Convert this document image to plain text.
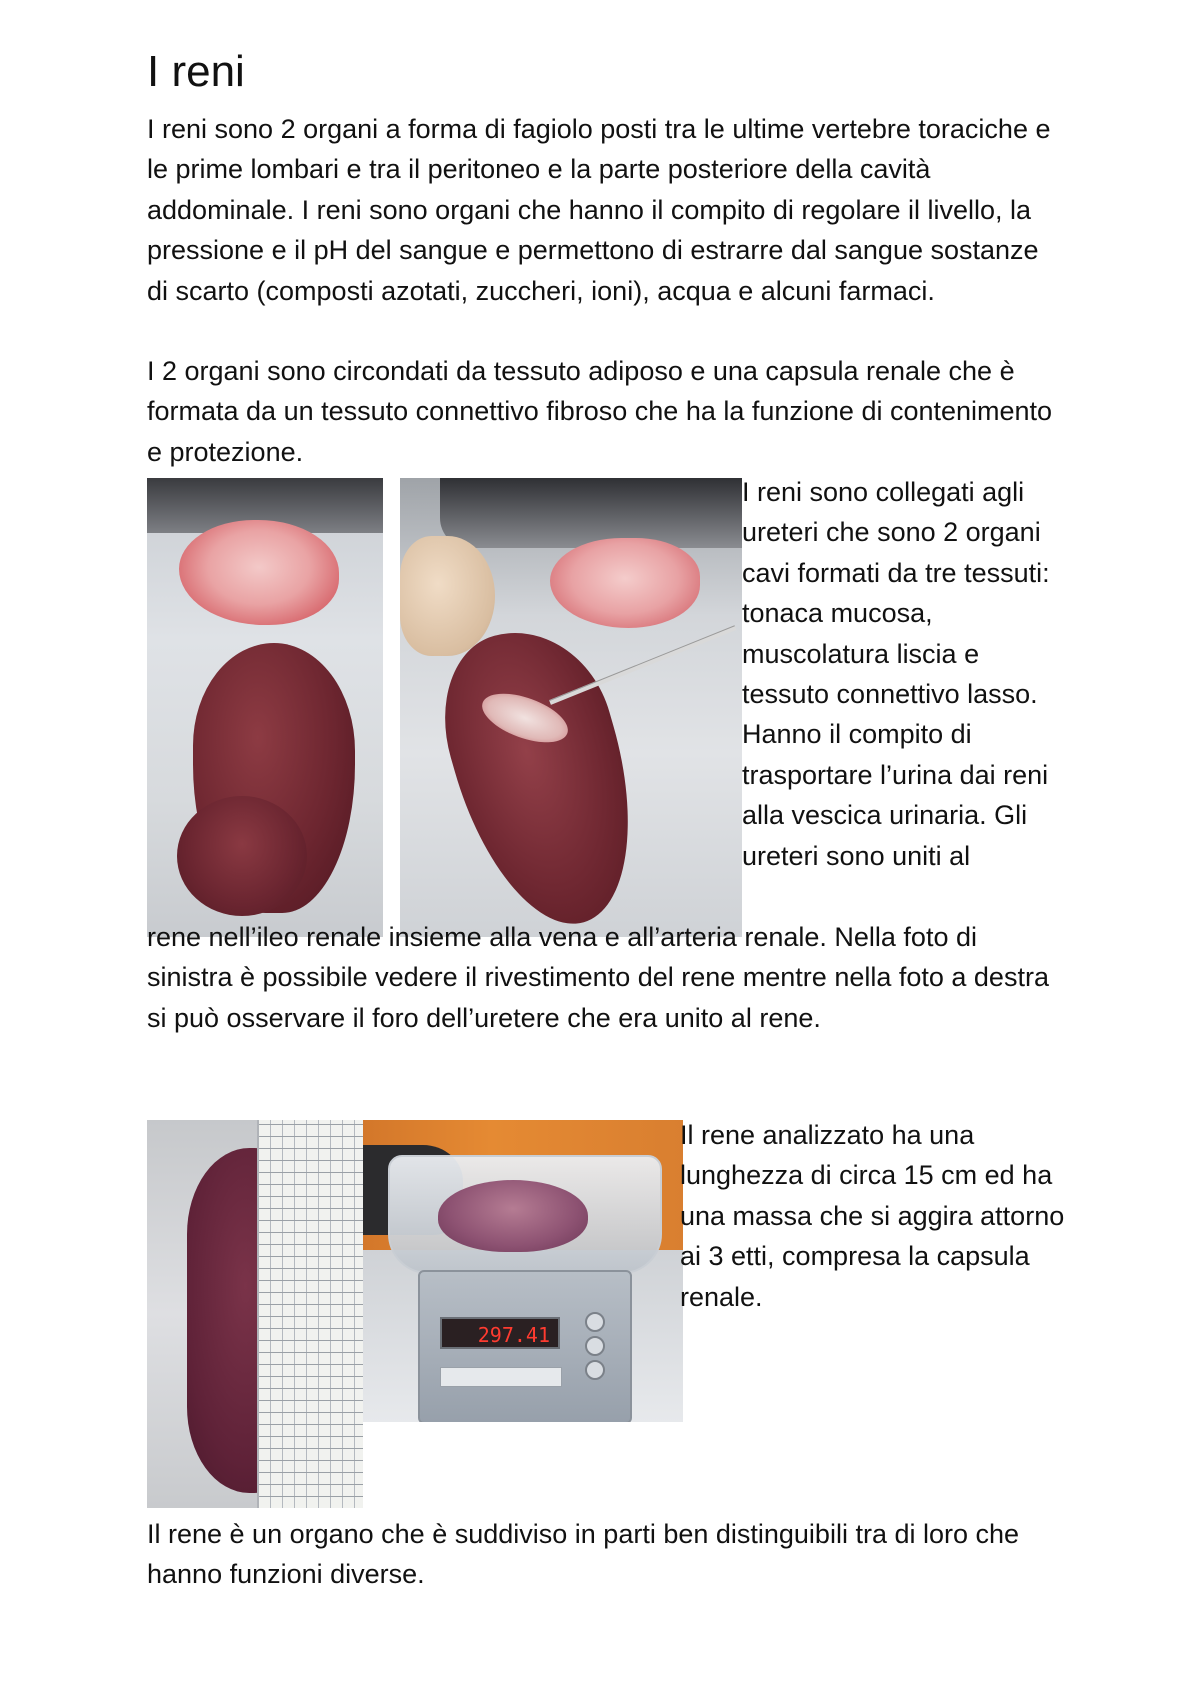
I reni

I reni sono 2 organi a forma di fagiolo posti tra le ultime vertebre toraciche e le prime lombari e tra il peritoneo e la parte posteriore della cavità addominale. I reni sono organi che hanno il compito di regolare il livello, la pressione e il pH del sangue e permettono di estrarre dal sangue sostanze di scarto (composti azotati, zuccheri, ioni), acqua e alcuni farmaci.

I 2 organi sono circondati da tessuto adiposo e una capsula renale che è formata da un tessuto connettivo fibroso che ha la funzione di contenimento e protezione.

I reni sono collegati agli ureteri che sono 2 organi cavi formati da tre tessuti: tonaca mucosa, muscolatura liscia e tessuto connettivo lasso. Hanno il compito di trasportare l’urina dai reni alla vescica urinaria. Gli ureteri sono uniti al

rene nell’ileo renale insieme alla vena e all’arteria renale. Nella foto di sinistra è possibile vedere il rivestimento del rene mentre nella foto a destra si può osservare il foro dell’uretere che era unito al rene.

297.41

Il rene analizzato ha una lunghezza di circa 15 cm ed ha una massa che si aggira attorno ai 3 etti, compresa la capsula renale.

Il rene è un organo che è suddiviso in parti ben distinguibili tra di loro che hanno funzioni diverse.
